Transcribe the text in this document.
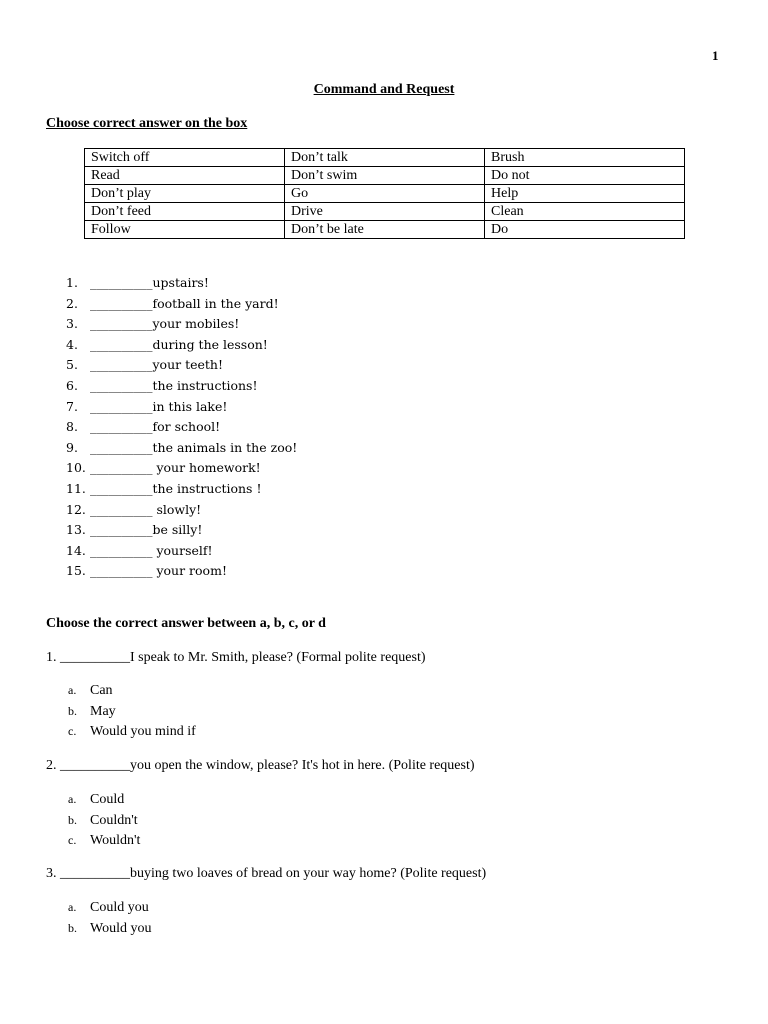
1
Command and Request
Choose correct answer on the box
Switch off	Don’t talk	Brush
Read	Don’t swim	Do not
Don’t play	Go	Help
Don’t feed	Drive	Clean
Follow	Don’t be late	Do
1. __________upstairs!
2. __________football in the yard!
3. __________your mobiles!
4. __________during the lesson!
5. __________your teeth!
6. __________the instructions!
7. __________in this lake!
8. __________for school!
9. __________the animals in the zoo!
10. __________ your homework!
11. __________the instructions !
12. __________ slowly!
13. __________be silly!
14. __________ yourself!
15. __________ your room!
Choose the correct answer between a, b, c, or d
1. __________I speak to Mr. Smith, please? (Formal polite request)
a. Can
b. May
c. Would you mind if
2. __________you open the window, please? It's hot in here. (Polite request)
a. Could
b. Couldn't
c. Wouldn't
3. __________buying two loaves of bread on your way home? (Polite request)
a. Could you
b. Would you
